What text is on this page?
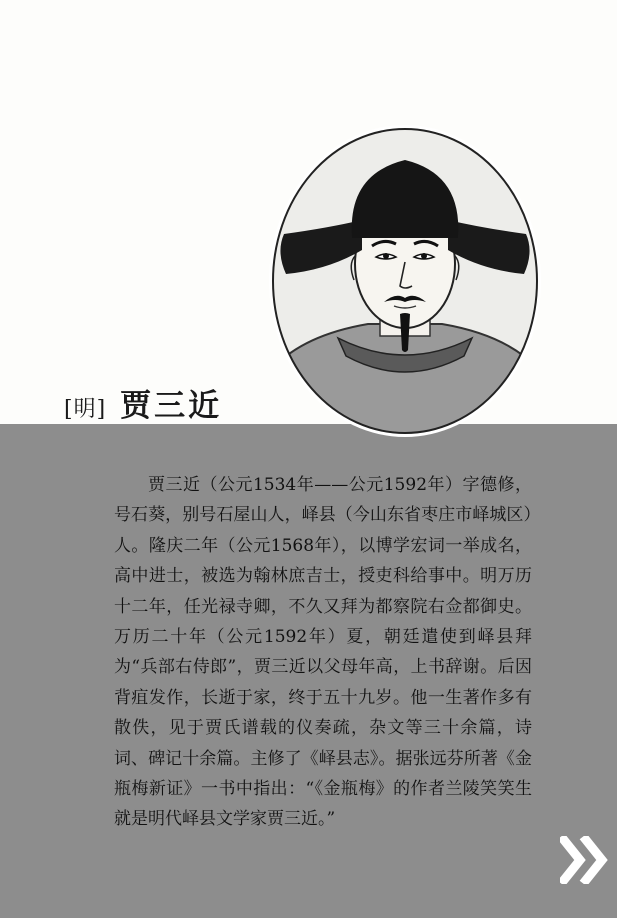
[明] 贾三近

贾三近（公元1534年——公元1592年）字德修，号石葵，别号石屋山人，峄县（今山东省枣庄市峄城区）人。隆庆二年（公元1568年），以博学宏词一举成名，高中进士，被选为翰林庶吉士，授吏科给事中。明万历十二年，任光禄寺卿，不久又拜为都察院右佥都御史。万历二十年（公元1592年）夏，朝廷遣使到峄县拜为“兵部右侍郎”，贾三近以父母年高，上书辞谢。后因背疽发作，长逝于家，终于五十九岁。他一生著作多有散佚，见于贾氏谱载的仪奏疏，杂文等三十余篇，诗词、碑记十余篇。主修了《峄县志》。据张远芬所著《金瓶梅新证》一书中指出：“《金瓶梅》的作者兰陵笑笑生就是明代峄县文学家贾三近。”
